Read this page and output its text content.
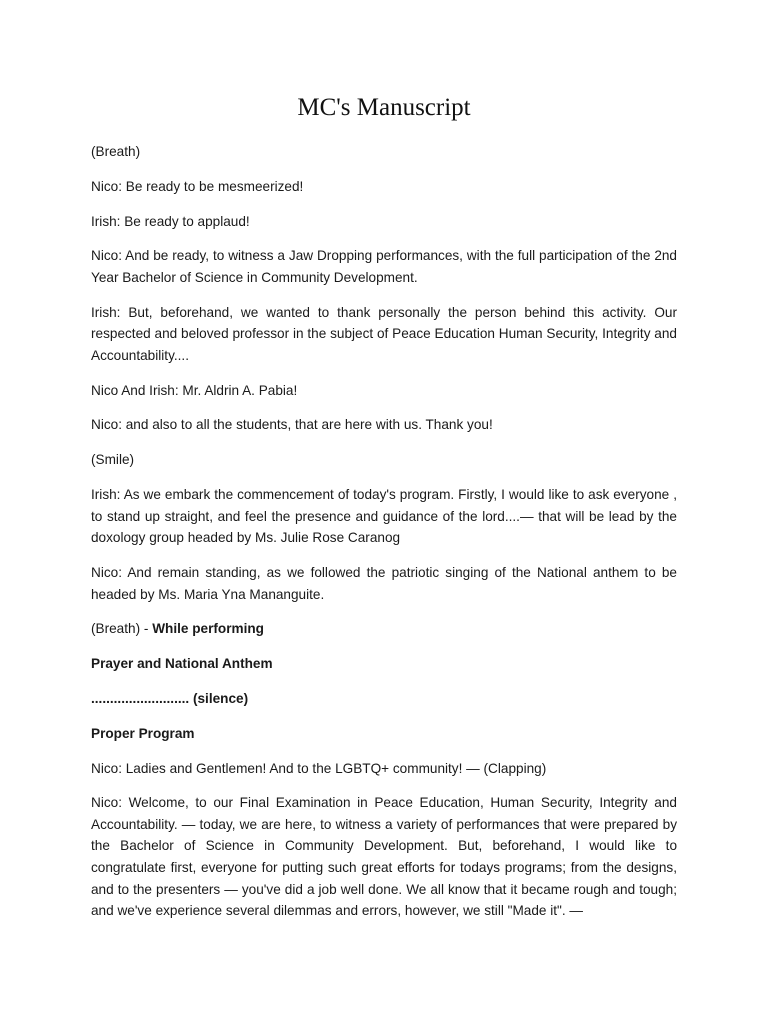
MC's Manuscript

(Breath)

Nico: Be ready to be mesmeerized!

Irish: Be ready to applaud!

Nico: And be ready, to witness a Jaw Dropping performances, with the full participation of the 2nd Year Bachelor of Science in Community Development.

Irish: But, beforehand, we wanted to thank personally the person behind this activity. Our respected and beloved professor in the subject of Peace Education Human Security, Integrity and Accountability....

Nico And Irish: Mr. Aldrin A. Pabia!

Nico: and also to all the students, that are here with us. Thank you!

(Smile)

Irish: As we embark the commencement of today's program. Firstly, I would like to ask everyone , to stand up straight, and feel the presence and guidance of the lord....— that will be lead by the doxology group headed by Ms. Julie Rose Caranog

Nico: And remain standing, as we followed the patriotic singing of the National anthem to be headed by Ms. Maria Yna Mananguite.

(Breath) - While performing

Prayer and National Anthem

.......................... (silence)

Proper Program

Nico: Ladies and Gentlemen! And to the LGBTQ+ community! — (Clapping)

Nico: Welcome, to our Final Examination in Peace Education, Human Security, Integrity and Accountability. — today, we are here, to witness a variety of performances that were prepared by the Bachelor of Science in Community Development. But, beforehand, I would like to congratulate first, everyone for putting such great efforts for todays programs; from the designs, and to the presenters — you've did a job well done. We all know that it became rough and tough; and we've experience several dilemmas and errors, however, we still "Made it". —
